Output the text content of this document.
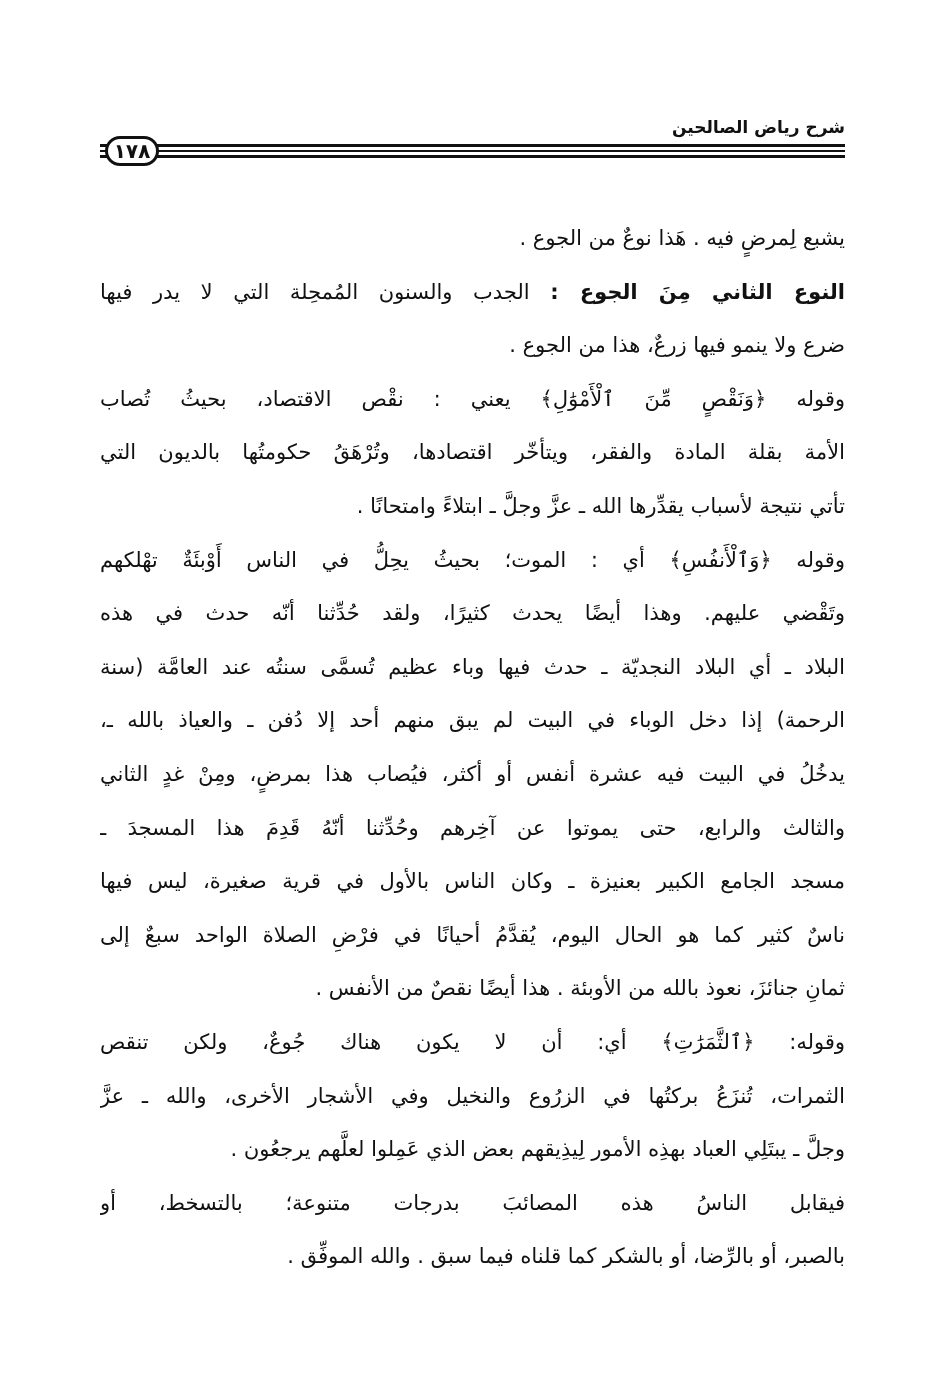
شرح رياض الصالحين
١٧٨
يشبع لِمرضٍ فيه . هَذا نوعٌ من الجوع .
النوع الثاني مِنَ الجوع : الجدب والسنون المُمحِلة التي لا يدر فيها
ضرع ولا ينمو فيها زرعٌ، هذا من الجوع .
وقوله ﴿وَنَقْصٍ مِّنَ ٱلْأَمْوَٰلِ﴾ يعني : نقْص الاقتصاد، بحيثُ تُصاب
الأمة بقلة المادة والفقر، ويتأخّر اقتصادها، وتُرْهَقُ حكومتُها بالديون التي
تأتي نتيجة لأسباب يقدِّرها الله ـ عزَّ وجلَّ ـ ابتلاءً وامتحانًا .
وقوله ﴿وَٱلْأَنفُسِ﴾ أي : الموت؛ بحيثُ يحِلُّ في الناس أَوْبئَةٌ تهْلكهم
وتَقْضي عليهم. وهذا أيضًا يحدث كثيرًا، ولقد حُدِّثنا أنّه حدث في هذه
البلاد ـ أي البلاد النجديّة ـ حدث فيها وباء عظيم تُسمَّى سنتُه عند العامَّة (سنة
الرحمة) إذا دخل الوباء في البيت لم يبق منهم أحد إلا دُفن ـ والعياذ بالله ـ،
يدخُلُ في البيت فيه عشرة أنفس أو أكثر، فيُصاب هذا بمرضٍ، ومِنْ غدٍ الثاني
والثالث والرابع، حتى يموتوا عن آخِرهم وحُدِّثنا أنّهُ قَدِمَ هذا المسجدَ ـ
مسجد الجامع الكبير بعنيزة ـ وكان الناس بالأول في قرية صغيرة، ليس فيها
ناسٌ كثير كما هو الحال اليوم، يُقدَّمُ أحيانًا في فرْضِ الصلاة الواحد سبعٌ إلى
ثمانِ جنائزَ، نعوذ بالله من الأوبئة . هذا أيضًا نقصٌ من الأنفس .
وقوله: ﴿ٱلثَّمَرَٰتِ﴾ أي: أن لا يكون هناك جُوعٌ، ولكن تنقص
الثمرات، تُنزَعُ بركتُها في الزرُوع والنخيل وفي الأشجار الأخرى، والله ـ عزَّ
وجلَّ ـ يبتَلِي العباد بهذِه الأمور لِيذِيقهم بعض الذي عَمِلوا لعلَّهم يرجعُون .
فيقابل الناسُ هذه المصائبَ بدرجات متنوعة؛ بالتسخط، أو
بالصبر، أو بالرِّضا، أو بالشكر كما قلناه فيما سبق . والله الموفِّق .
